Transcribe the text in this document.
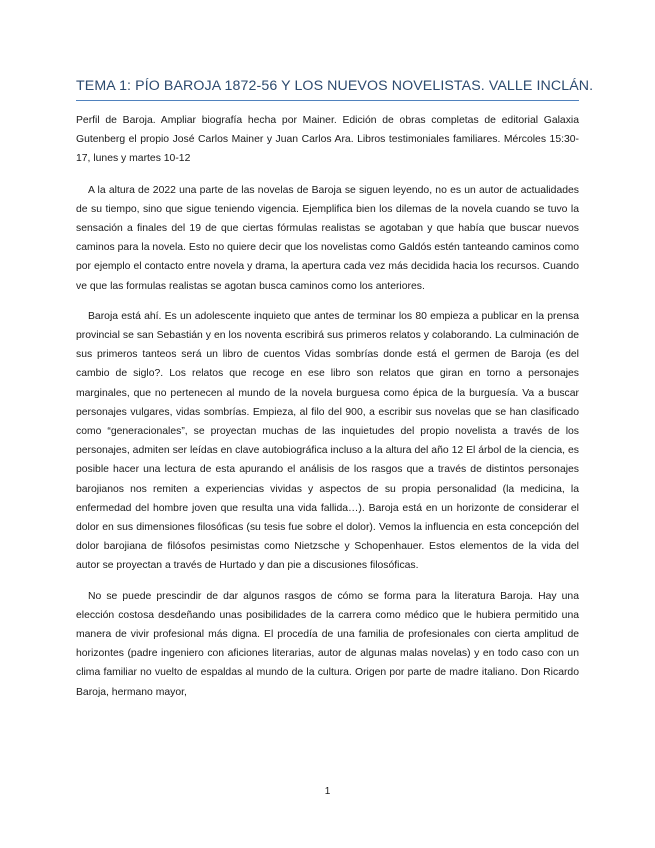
TEMA 1: PÍO BAROJA 1872-56 Y LOS NUEVOS NOVELISTAS. VALLE INCLÁN.

Perfil de Baroja. Ampliar biografía hecha por Mainer. Edición de obras completas de editorial Galaxia Gutenberg el propio José Carlos Mainer y Juan Carlos Ara. Libros testimoniales familiares. Mércoles 15:30-17, lunes y martes 10-12

A la altura de 2022 una parte de las novelas de Baroja se siguen leyendo, no es un autor de actualidades de su tiempo, sino que sigue teniendo vigencia. Ejemplifica bien los dilemas de la novela cuando se tuvo la sensación a finales del 19 de que ciertas fórmulas realistas se agotaban y que había que buscar nuevos caminos para la novela. Esto no quiere decir que los novelistas como Galdós estén tanteando caminos como por ejemplo el contacto entre novela y drama, la apertura cada vez más decidida hacia los recursos. Cuando ve que las formulas realistas se agotan busca caminos como los anteriores.

Baroja está ahí. Es un adolescente inquieto que antes de terminar los 80 empieza a publicar en la prensa provincial se san Sebastián y en los noventa escribirá sus primeros relatos y colaborando. La culminación de sus primeros tanteos será un libro de cuentos Vidas sombrías donde está el germen de Baroja (es del cambio de siglo?. Los relatos que recoge en ese libro son relatos que giran en torno a personajes marginales, que no pertenecen al mundo de la novela burguesa como épica de la burguesía. Va a buscar personajes vulgares, vidas sombrías. Empieza, al filo del 900, a escribir sus novelas que se han clasificado como “generacionales”, se proyectan muchas de las inquietudes del propio novelista a través de los personajes, admiten ser leídas en clave autobiográfica incluso a la altura del año 12 El árbol de la ciencia, es posible hacer una lectura de esta apurando el análisis de los rasgos que a través de distintos personajes barojianos nos remiten a experiencias vividas y aspectos de su propia personalidad (la medicina, la enfermedad del hombre joven que resulta una vida fallida…). Baroja está en un horizonte de considerar el dolor en sus dimensiones filosóficas (su tesis fue sobre el dolor). Vemos la influencia en esta concepción del dolor barojiana de filósofos pesimistas como Nietzsche y Schopenhauer. Estos elementos de la vida del autor se proyectan a través de Hurtado y dan pie a discusiones filosóficas.

No se puede prescindir de dar algunos rasgos de cómo se forma para la literatura Baroja. Hay una elección costosa desdeñando unas posibilidades de la carrera como médico que le hubiera permitido una manera de vivir profesional más digna. El procedía de una familia de profesionales con cierta amplitud de horizontes (padre ingeniero con aficiones literarias, autor de algunas malas novelas) y en todo caso con un clima familiar no vuelto de espaldas al mundo de la cultura. Origen por parte de madre italiano. Don Ricardo Baroja, hermano mayor,

1
